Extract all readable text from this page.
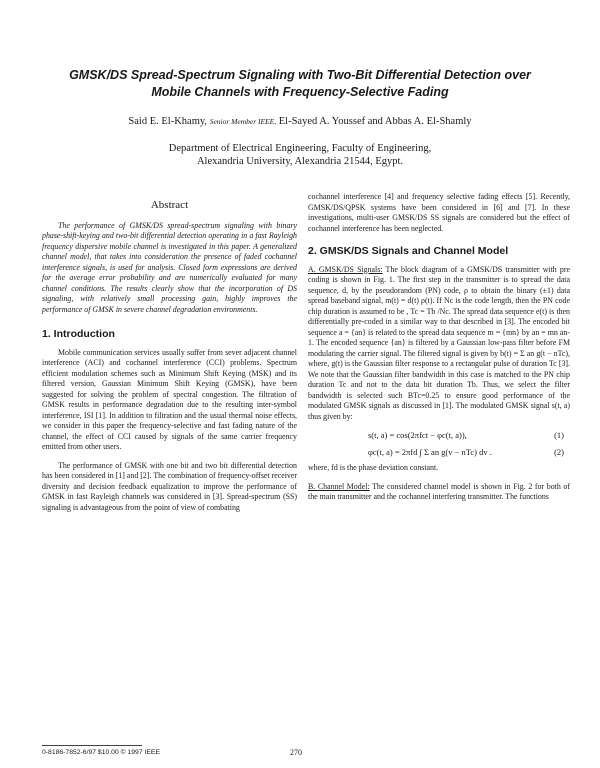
GMSK/DS Spread-Spectrum Signaling with Two-Bit Differential Detection over
Mobile Channels with Frequency-Selective Fading
Said E. El-Khamy, Senior Member IEEE, El-Sayed A. Youssef and Abbas A. El-Shamly
Department of Electrical Engineering, Faculty of Engineering,
Alexandria University, Alexandria 21544, Egypt.
Abstract

The performance of GMSK/DS spread-spectrum signaling with binary phase-shift-keying and two-bit differential detection operating in a fast Rayleigh frequency dispersive mobile channel is investigated in this paper. A generalized channel model, that takes into consideration the presence of faded cochannel interference signals, is used for analysis. Closed form expressions are derived for the average error probability and are numerically evaluated for many channel conditions. The results clearly show that the incorporation of DS signaling, with relatively small processing gain, highly improves the performance of GMSK in severe channel degradation environments.

1. Introduction

Mobile communication services usually suffer from sever adjacent channel interference (ACI) and cochannel interference (CCI) problems. Spectrum efficient modulation schemes such as Minimum Shift Keying (MSK) and its filtered version, Gaussian Minimum Shift Keying (GMSK), have been suggested for solving the problem of spectral congestion. The filtration of GMSK results in performance degradation due to the resulting inter-symbol interference, ISI [1]. In addition to filtration and the usual thermal noise effects, we consider in this paper the frequency-selective and fast fading nature of the channel, the effect of CCI caused by signals of the same carrier frequency emitted from other users.

The performance of GMSK with one bit and two bit differential detection has been considered in [1] and [2]. The combination of frequency-offset receiver diversity and decision feedback equalization to improve the performance of GMSK in fast Rayleigh channels was considered in [3]. Spread-spectrum (SS) signaling is advantageous from the point of view of combating

cochannel interference [4] and frequency selective fading effects [5]. Recently, GMSK/DS/QPSK systems have been considered in [6] and [7]. In these investigations, multi-user GMSK/DS SS signals are considered but the effect of cochannel interference has been neglected.

2. GMSK/DS Signals and Channel Model

A. GMSK/DS Signals: The block diagram of a GMSK/DS transmitter with pre coding is shown in Fig. 1. The first step in the transmitter is to spread the data sequence, d, by the pseudorandom (PN) code, ρ to obtain the binary (±1) data spread baseband signal, m(t) = d(t) ρ(t). If Nc is the code length, then the PN code chip duration is assumed to be , Tc = Tb /Nc. The spread data sequence e(t) is then differentially pre-coded in a similar way to that described in [3]. The encoded bit sequence a = {an} is related to the spread data sequence m = {mn} by an = mn an-1. The encoded sequence {an} is filtered by a Gaussian low-pass filter before FM modulating the carrier signal. The filtered signal is given by b(t) = Σ an g(t − nTc), where, g(t) is the Gaussian filter response to a rectangular pulse of duration Tc [3]. We note that the Gaussian filter bandwidth in this case is matched to the PN chip duration Tc and not to the data bit duration Tb. Thus, we select the filter bandwidth is selected such BTc=0.25 to ensure good performance of the modulated GMSK signals as discussed in [1]. The modulated GMSK signal s(t, a) thus given by:

s(t, a) = cos(2πfct − φc(t, a)),	(1)
φc(t, a) = 2πfd ∫ Σ an g(v − nTc) dv .	(2)

where, fd is the phase deviation constant.

B. Channel Model: The considered channel model is shown in Fig. 2 for both of the main transmitter and the cochannel interfering transmitter. The functions

0-8186-7852-6/97 $10.00 © 1997 IEEE	270
